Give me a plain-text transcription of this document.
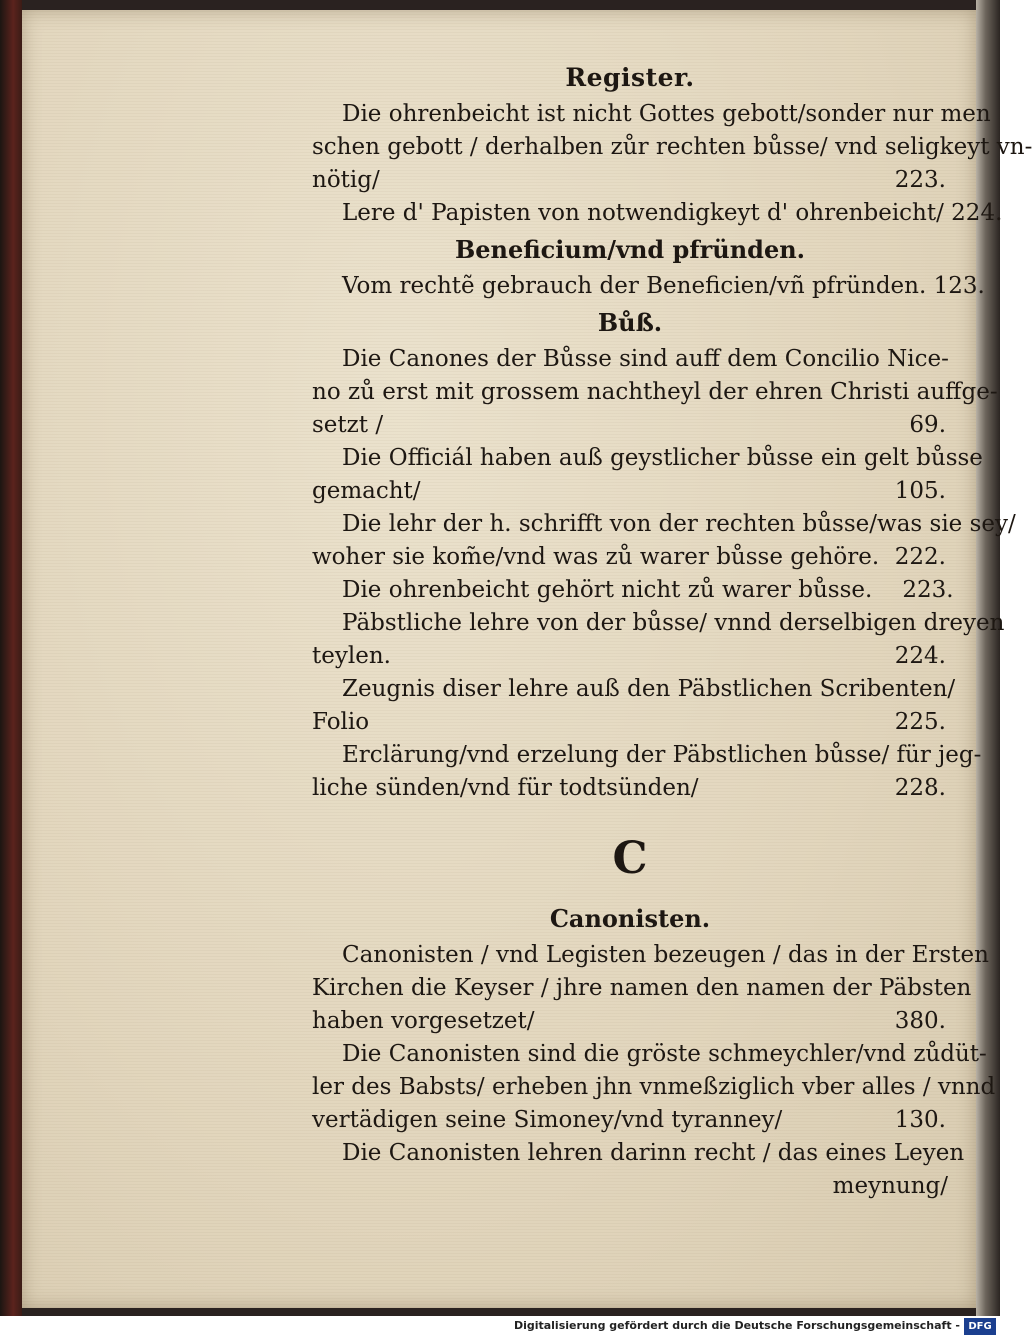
Register.
Die ohrenbeicht ist nicht Gottes gebott/sonder nur men
schen gebott / derhalben zůr rechten bůsse/ vnd seligkeyt vn-
nötig/	223.
Lere d' Papisten von notwendigkeyt d' ohrenbeicht/ 224.
Beneficium/vnd pfründen.
Vom rechtẽ gebrauch der Beneficien/vñ pfründen. 123.
Bůß.
Die Canones der Bůsse sind auff dem Concilio Nice-
no zů erst mit grossem nachtheyl der ehren Christi auffge-
setzt /	69.
Die Officiál haben auß geystlicher bůsse ein gelt bůsse
gemacht/	105.
Die lehr der h. schrifft von der rechten bůsse/was sie sey/
woher sie kom̃e/vnd was zů warer bůsse gehöre. 222.
Die ohrenbeicht gehört nicht zů warer bůsse.	223.
Päbstliche lehre von der bůsse/ vnnd derselbigen dreyen
teylen.	224.
Zeugnis diser lehre auß den Päbstlichen Scribenten/
Folio	225.
Erclärung/vnd erzelung der Päbstlichen bůsse/ für jeg-
liche sünden/vnd für todtsünden/	228.
C
Canonisten.
Canonisten / vnd Legisten bezeugen / das in der Ersten
Kirchen die Keyser / jhre namen den namen der Päbsten
haben vorgesetzet/	380.
Die Canonisten sind die gröste schmeychler/vnd zůdüt-
ler des Babsts/ erheben jhn vnmeßziglich vber alles / vnnd
vertädigen seine Simoney/vnd tyranney/	130.
Die Canonisten lehren darinn recht / das eines Leyen
meynung/
Digitalisierung gefördert durch die Deutsche Forschungsgemeinschaft - DFG
